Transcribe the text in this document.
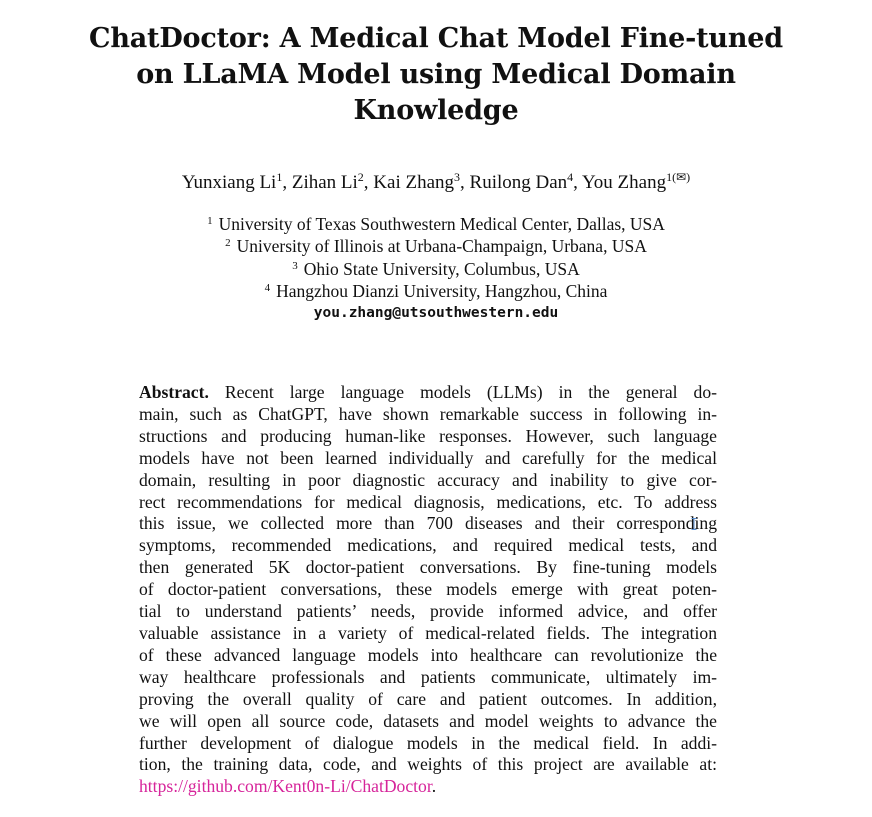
ChatDoctor: A Medical Chat Model Fine-tuned
on LLaMA Model using Medical Domain
Knowledge
Yunxiang Li$^1$, Zihan Li$^2$, Kai Zhang$^3$, Ruilong Dan$^4$, You Zhang$^{1(✉)}$
$^1$ University of Texas Southwestern Medical Center, Dallas, USA
$^2$ University of Illinois at Urbana-Champaign, Urbana, USA
$^3$ Ohio State University, Columbus, USA
$^4$ Hangzhou Dianzi University, Hangzhou, China
you.zhang@utsouthwestern.edu
Abstract. Recent large language models (LLMs) in the general do-
main, such as ChatGPT, have shown remarkable success in following in-
structions and producing human-like responses. However, such language
models have not been learned individually and carefully for the medical
domain, resulting in poor diagnostic accuracy and inability to give cor-
rect recommendations for medical diagnosis, medications, etc. To address
this issue, we collected more than 700 diseases and their corresponding
symptoms, recommended medications, and required medical tests, and
then generated 5K doctor-patient conversations. By fine-tuning models
of doctor-patient conversations, these models emerge with great poten-
tial to understand patients’ needs, provide informed advice, and offer
valuable assistance in a variety of medical-related fields. The integration
of these advanced language models into healthcare can revolutionize the
way healthcare professionals and patients communicate, ultimately im-
proving the overall quality of care and patient outcomes. In addition,
we will open all source code, datasets and model weights to advance the
further development of dialogue models in the medical field. In addi-
tion, the training data, code, and weights of this project are available at:
https://github.com/Kent0n-Li/ChatDoctor.
